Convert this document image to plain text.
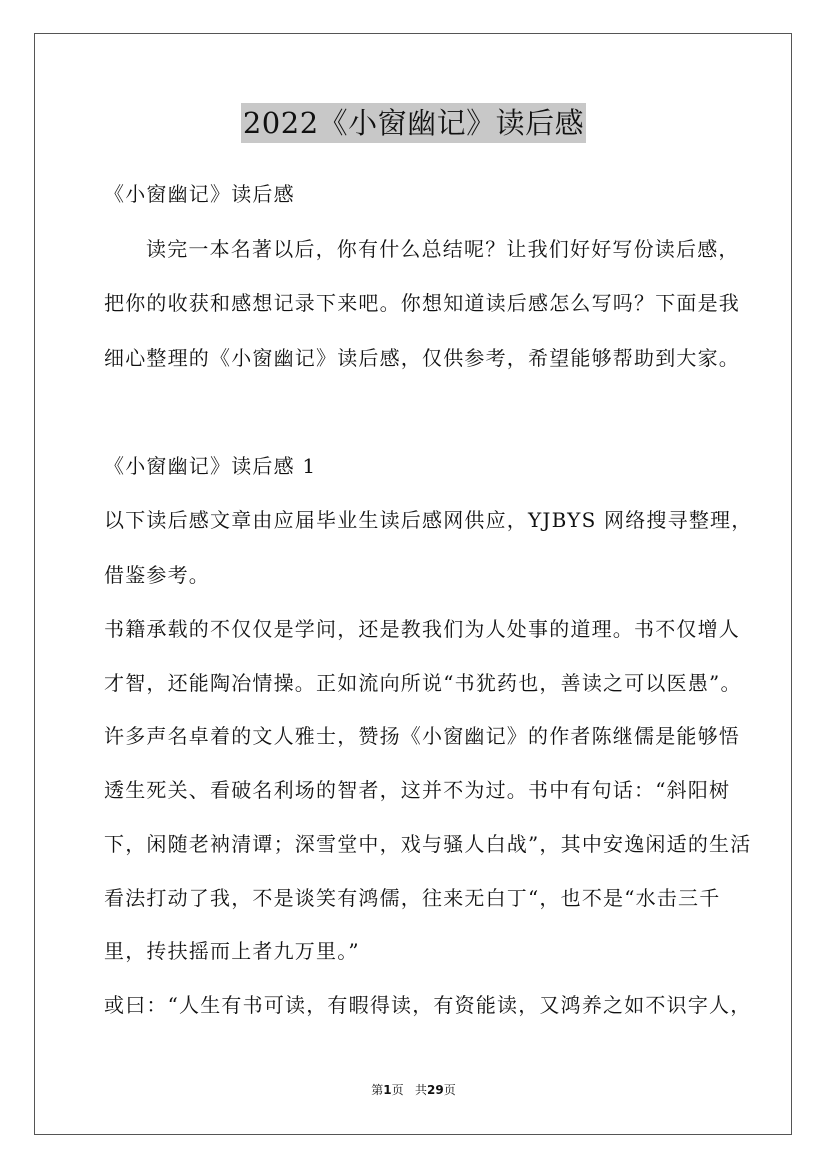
2022《小窗幽记》读后感
《小窗幽记》读后感
读完一本名著以后，你有什么总结呢？让我们好好写份读后感，
把你的收获和感想记录下来吧。你想知道读后感怎么写吗？下面是我
细心整理的《小窗幽记》读后感，仅供参考，希望能够帮助到大家。
《小窗幽记》读后感 1
以下读后感文章由应届毕业生读后感网供应，YJBYS 网络搜寻整理，
借鉴参考。
书籍承载的不仅仅是学问，还是教我们为人处事的道理。书不仅增人
才智，还能陶冶情操。正如流向所说“书犹药也，善读之可以医愚”。
许多声名卓着的文人雅士，赞扬《小窗幽记》的作者陈继儒是能够悟
透生死关、看破名利场的智者，这并不为过。书中有句话：“斜阳树
下，闲随老衲清谭；深雪堂中，戏与骚人白战”，其中安逸闲适的生活
看法打动了我，不是谈笑有鸿儒，往来无白丁“，也不是“水击三千
里，抟扶摇而上者九万里。”
或曰：“人生有书可读，有暇得读，有资能读，又鸿养之如不识字人，
第1页   共29页
